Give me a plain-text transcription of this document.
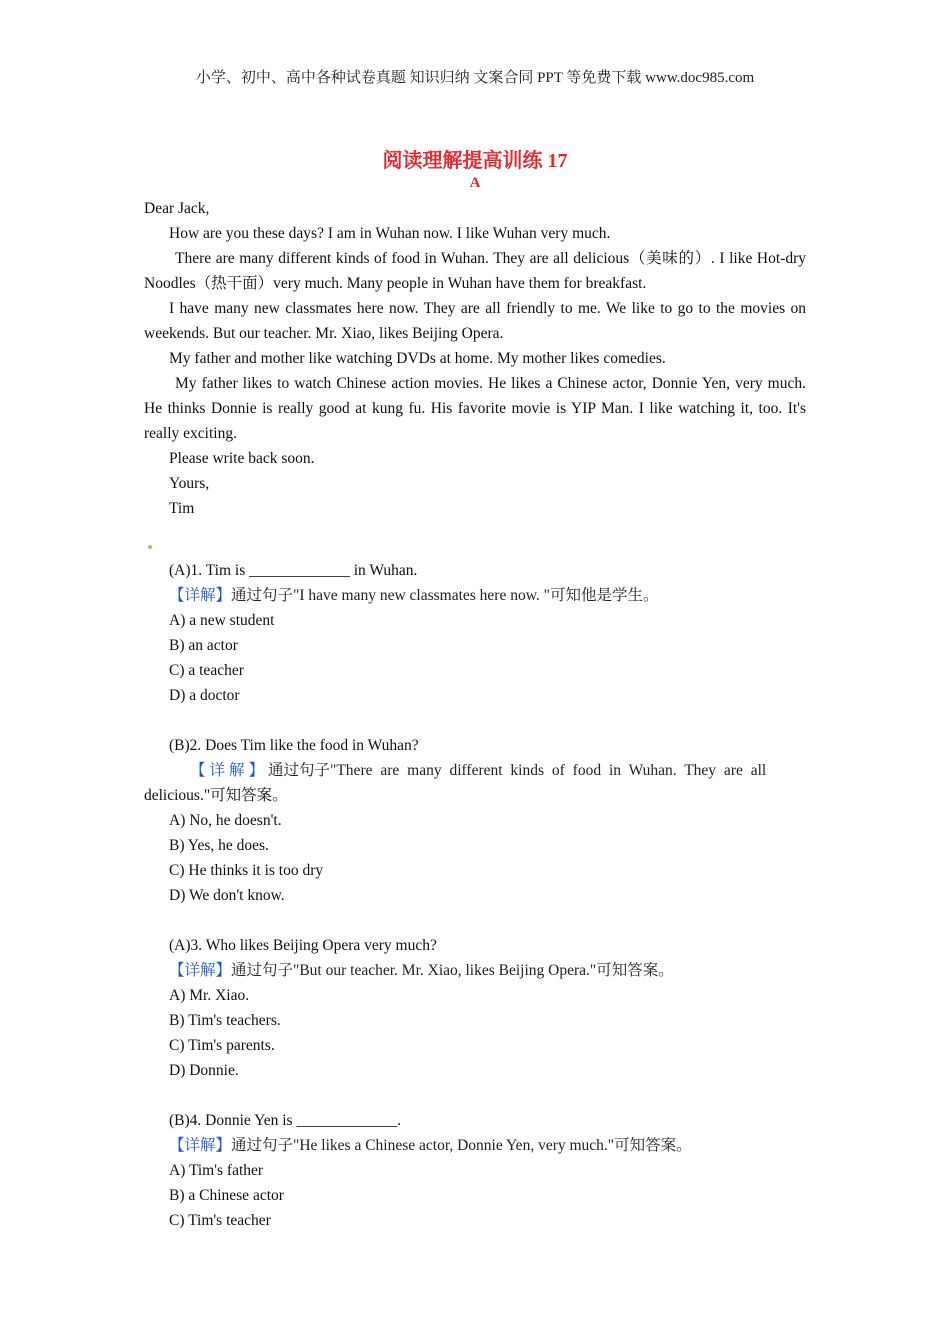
小学、初中、高中各种试卷真题 知识归纳 文案合同 PPT 等免费下载 www.doc985.com
阅读理解提高训练 17
A
Dear Jack,
How are you these days? I am in Wuhan now. I like Wuhan very much.
There are many different kinds of food in Wuhan. They are all delicious（美味的）. I like Hot-dry Noodles（热干面）very much. Many people in Wuhan have them for breakfast.
I have many new classmates here now. They are all friendly to me. We like to go to the movies on weekends. But our teacher. Mr. Xiao, likes Beijing Opera.
My father and mother like watching DVDs at home. My mother likes comedies.
My father likes to watch Chinese action movies. He likes a Chinese actor, Donnie Yen, very much. He thinks Donnie is really good at kung fu. His favorite movie is YIP Man. I like watching it, too. It's really exciting.
Please write back soon.
Yours,
Tim
(A)1. Tim is _____________ in Wuhan.
【详解】通过句子"I have many new classmates here now. "可知他是学生。
A) a new student
B) an actor
C) a teacher
D) a doctor
(B)2. Does Tim like the food in Wuhan?
【详解】通过句子"There are many different kinds of food in Wuhan. They are all
delicious."可知答案。
A) No, he doesn't.
B) Yes, he does.
C) He thinks it is too dry
D) We don't know.
(A)3. Who likes Beijing Opera very much?
【详解】通过句子"But our teacher. Mr. Xiao, likes Beijing Opera."可知答案。
A) Mr. Xiao.
B) Tim's teachers.
C) Tim's parents.
D) Donnie.
(B)4. Donnie Yen is _____________.
【详解】通过句子"He likes a Chinese actor, Donnie Yen, very much."可知答案。
A) Tim's father
B) a Chinese actor
C) Tim's teacher
